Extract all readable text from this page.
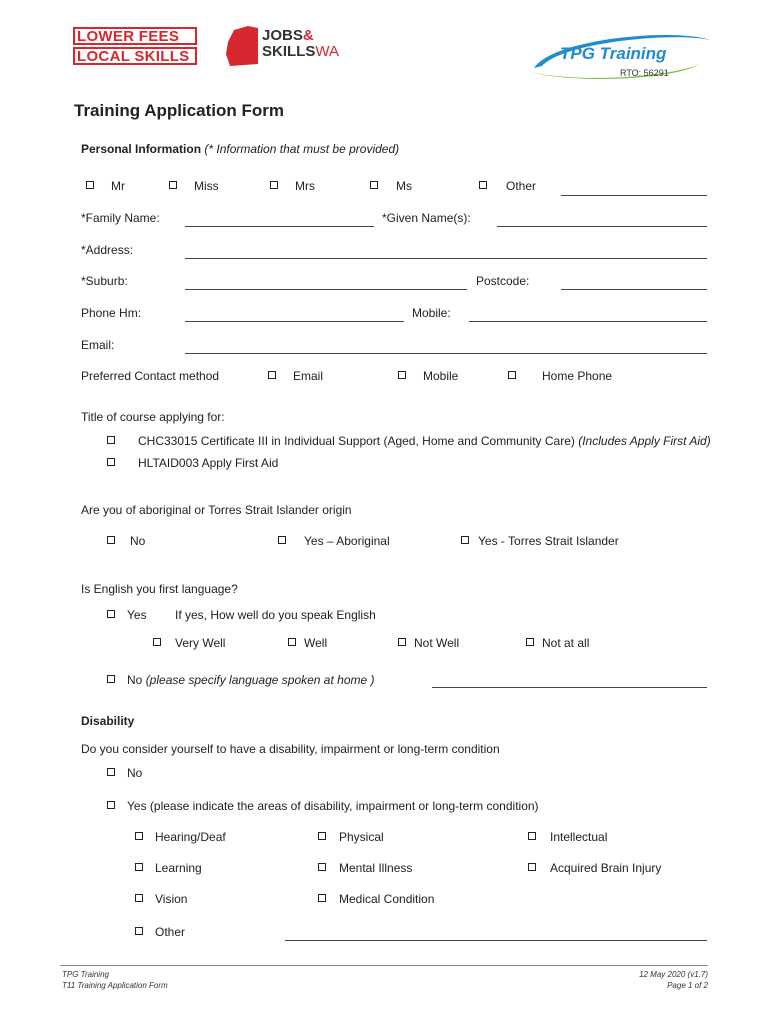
LOWER FEES
LOCAL SKILLS
JOBS&
SKILLSWA	TPG Training
RTO: 56291
Training Application Form
Personal Information (* Information that must be provided)
Mr	Miss	Mrs	Ms	Other
*Family Name:	*Given Name(s):
*Address:
*Suburb:	Postcode:
Phone Hm:	Mobile:
Email:
Preferred Contact method	Email	Mobile	Home Phone
Title of course applying for:
CHC33015 Certificate III in Individual Support (Aged, Home and Community Care) (Includes Apply First Aid)
HLTAID003 Apply First Aid
Are you of aboriginal or Torres Strait Islander origin
No	Yes – Aboriginal	Yes - Torres Strait Islander
Is English you first language?
Yes If yes, How well do you speak English
Very Well	Well	Not Well	Not at all
No (please specify language spoken at home )
Disability
Do you consider yourself to have a disability, impairment or long-term condition
No
Yes (please indicate the areas of disability, impairment or long-term condition)
Hearing/Deaf	Physical	Intellectual
Learning	Mental Illness	Acquired Brain Injury
Vision	Medical Condition
Other
TPG Training
T11 Training Application Form
12 May 2020 (v1.7)
Page 1 of 2
